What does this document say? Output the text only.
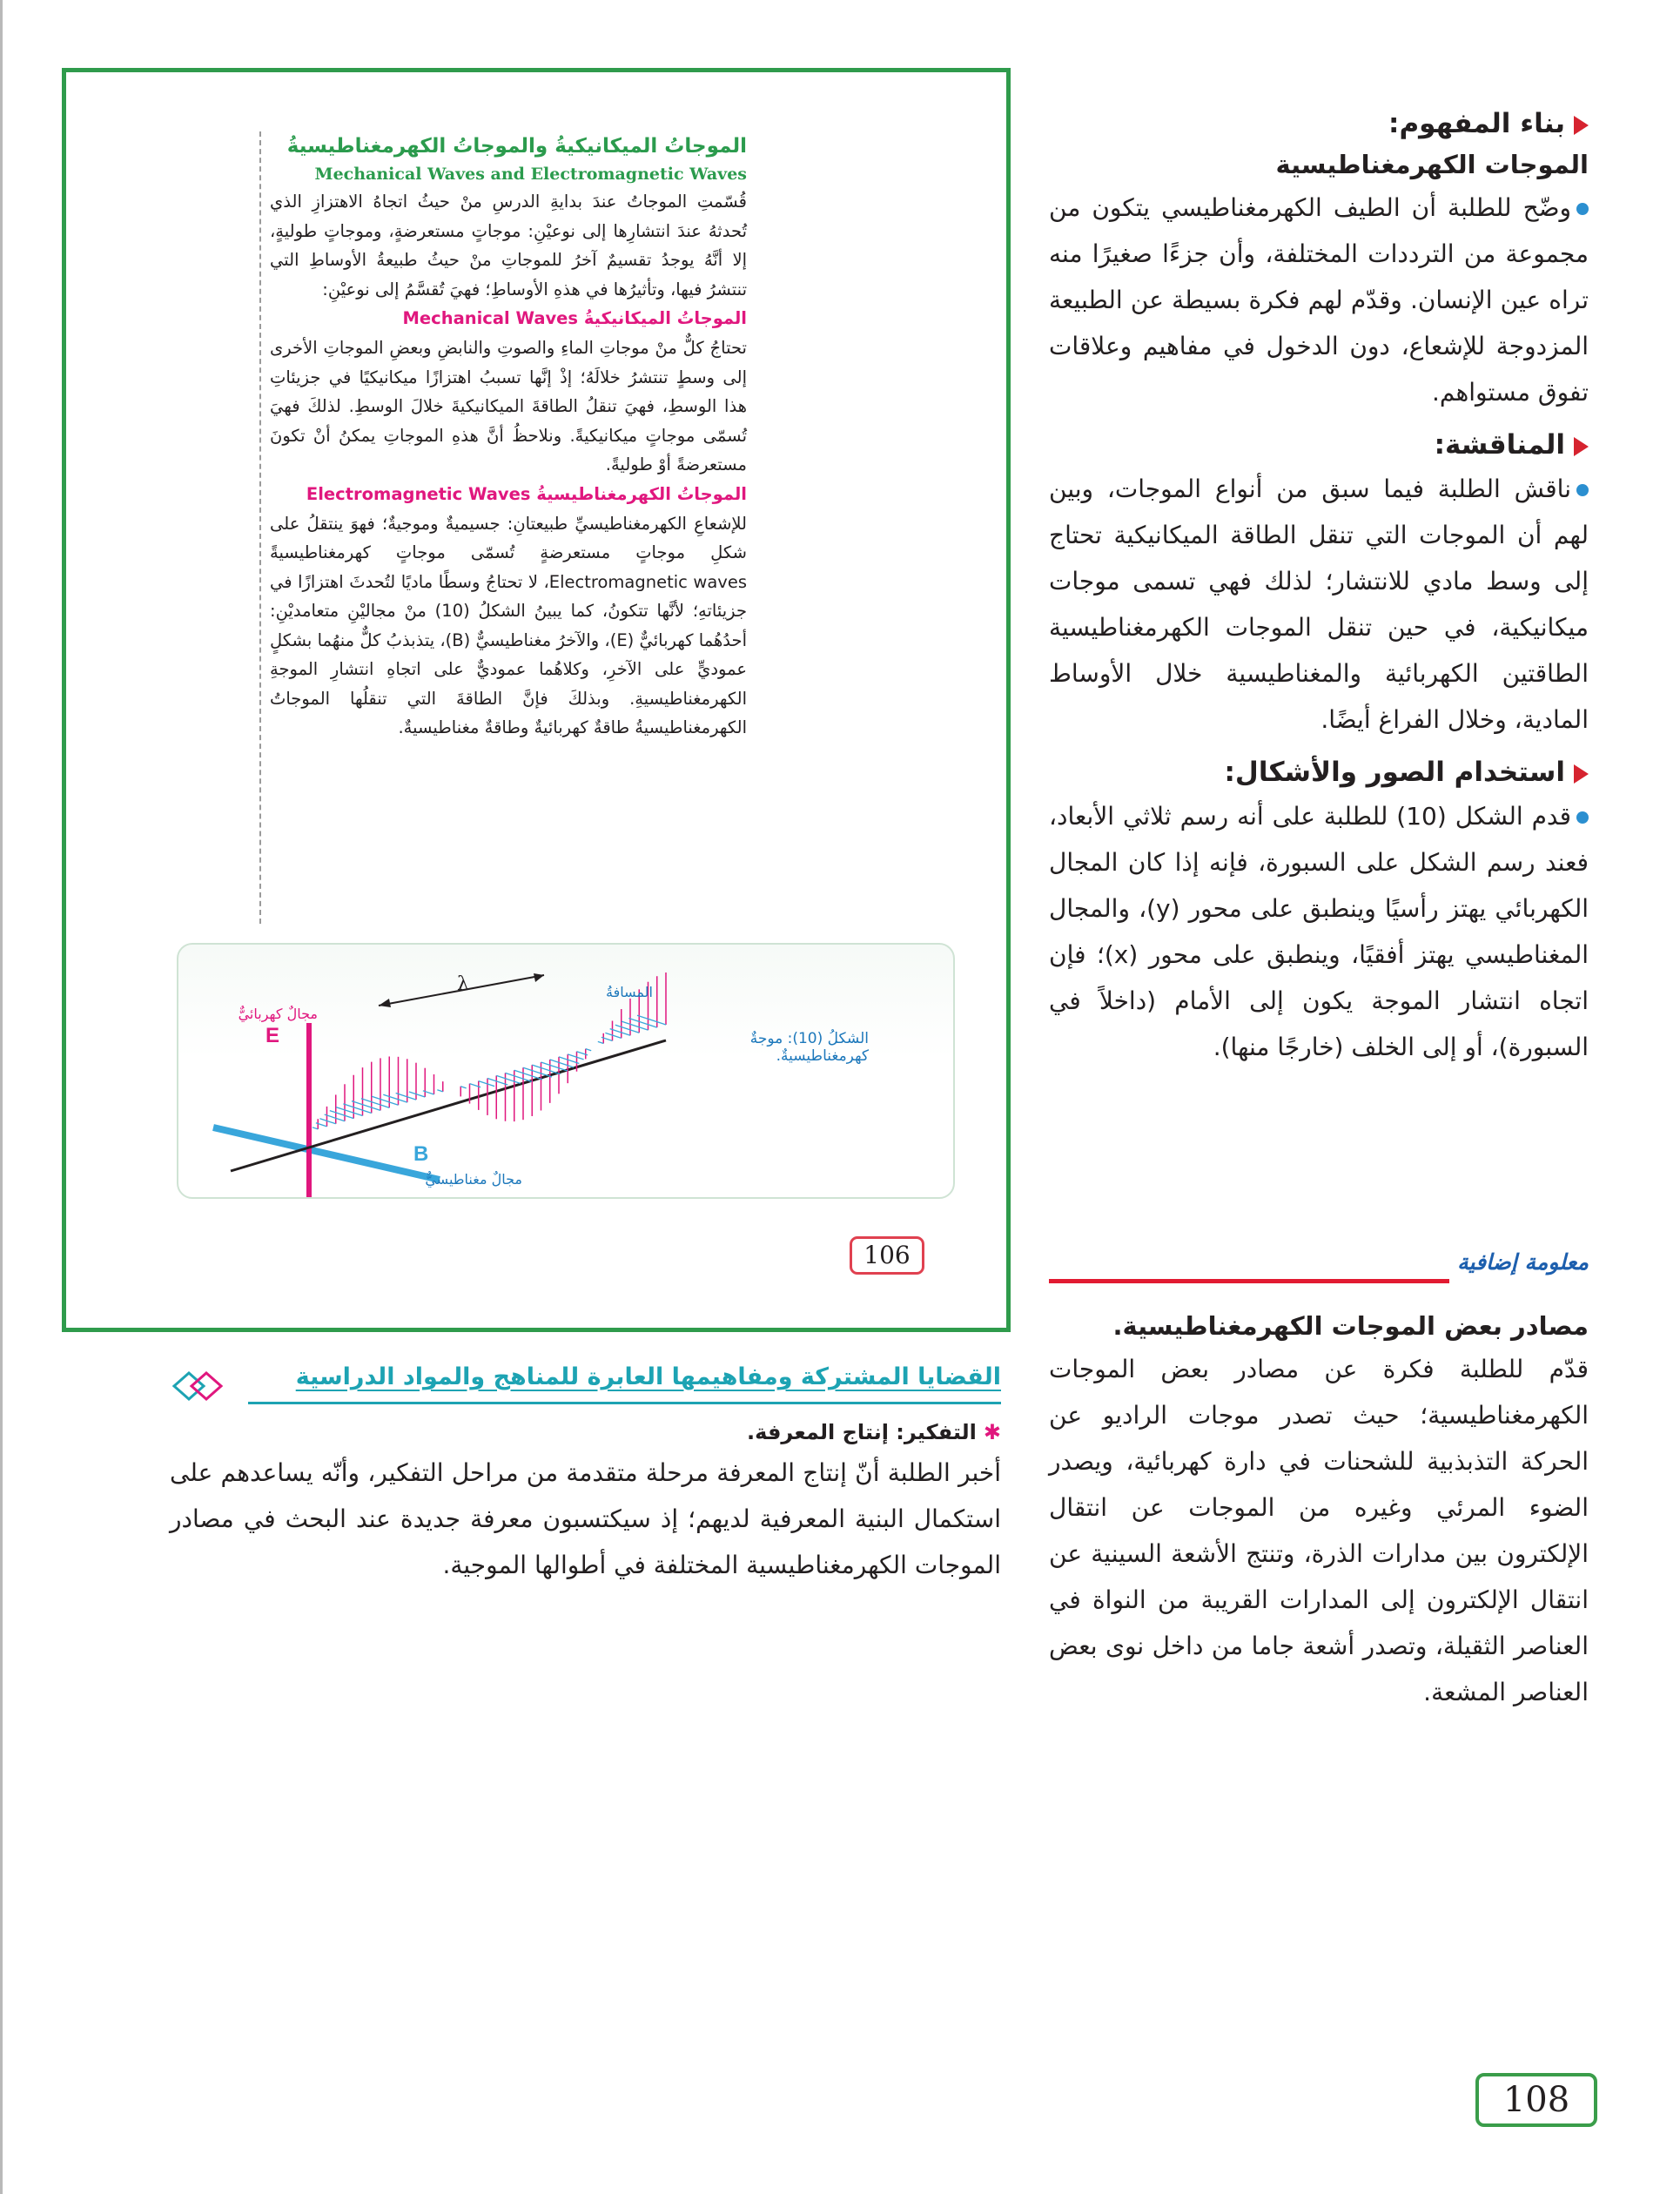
الموجاتُ الميكانيكيةُ والموجاتُ الكهرمغناطيسيةُ
Mechanical Waves and Electromagnetic Waves
قُسّمتِ الموجاتُ عندَ بدايةِ الدرسِ منْ حيثُ اتجاهُ الاهتزازِ الذي تُحدثهُ عندَ انتشارِها إلى نوعيْنِ: موجاتٍ مستعرضةٍ، وموجاتٍ طوليةٍ، إلا أنَّهُ يوجدُ تقسيمٌ آخرُ للموجاتِ منْ حيثُ طبيعةُ الأوساطِ التي تنتشرُ فيها، وتأثيرُها في هذهِ الأوساطِ؛ فهيَ تُقسَّمُ إلى نوعيْنِ:
الموجاتُ الميكانيكيةُ Mechanical Waves
تحتاجُ كلٌّ منْ موجاتِ الماءِ والصوتِ والنابضِ وبعضِ الموجاتِ الأخرى إلى وسطٍ تنتشرُ خلالَهُ؛ إذْ إنَّها تسببُ اهتزازًا ميكانيكيًا في جزيئاتِ هذا الوسطِ، فهيَ تنقلُ الطاقةَ الميكانيكيةَ خلالَ الوسطِ. لذلكَ فهيَ تُسمّى موجاتٍ ميكانيكيةً. ونلاحظُ أنَّ هذهِ الموجاتِ يمكنُ أنْ تكونَ مستعرضةً أوْ طوليةً.
الموجاتُ الكهرمغناطيسيةُ Electromagnetic Waves
للإشعاعِ الكهرمغناطيسيِّ طبيعتانِ: جسيميةٌ وموجيةٌ؛ فهوَ ينتقلُ على شكلِ موجاتٍ مستعرضةٍ تُسمّى موجاتٍ كهرمغناطيسيةً Electromagnetic waves، لا تحتاجُ وسطًا ماديًا لتُحدثَ اهتزازًا في جزيئاتهِ؛ لأنَّها تتكونُ، كما يبينُ الشكلُ (10) منْ مجاليْنِ متعامديْنِ: أحدُهُما كهربائيٌّ (E)، والآخرُ مغناطيسيٌّ (B)، يتذبذبُ كلٌّ منهُما بشكلٍ عموديٍّ على الآخرِ، وكلاهُما عموديٌّ على اتجاهِ انتشارِ الموجةِ الكهرمغناطيسيةِ. وبذلكَ فإنَّ الطاقةَ التي تنقلُها الموجاتُ الكهرمغناطيسيةُ طاقةٌ كهربائيةٌ وطاقةٌ مغناطيسيةٌ.
λ
E
B
مجالٌ كهربائيٌّ
مجالٌ مغناطيسيٌّ
المسافةُ
الشكلُ (10): موجةٌ كهرمغناطيسيةٌ.
106
بناء المفهوم:
الموجات الكهرمغناطيسية
وضّح للطلبة أن الطيف الكهرمغناطيسي يتكون من مجموعة من الترددات المختلفة، وأن جزءًا صغيرًا منه تراه عين الإنسان. وقدّم لهم فكرة بسيطة عن الطبيعة المزدوجة للإشعاع، دون الدخول في مفاهيم وعلاقات تفوق مستواهم.
المناقشة:
ناقش الطلبة فيما سبق من أنواع الموجات، وبين لهم أن الموجات التي تنقل الطاقة الميكانيكية تحتاج إلى وسط مادي للانتشار؛ لذلك فهي تسمى موجات ميكانيكية، في حين تنقل الموجات الكهرمغناطيسية الطاقتين الكهربائية والمغناطيسية خلال الأوساط المادية، وخلال الفراغ أيضًا.
استخدام الصور والأشكال:
قدم الشكل (10) للطلبة على أنه رسم ثلاثي الأبعاد، فعند رسم الشكل على السبورة، فإنه إذا كان المجال الكهربائي يهتز رأسيًا وينطبق على محور (y)، والمجال المغناطيسي يهتز أفقيًا، وينطبق على محور (x)؛ فإن اتجاه انتشار الموجة يكون إلى الأمام (داخلاً في السبورة)، أو إلى الخلف (خارجًا منها).
معلومة إضافية
مصادر بعض الموجات الكهرمغناطيسية.
قدّم للطلبة فكرة عن مصادر بعض الموجات الكهرمغناطيسية؛ حيث تصدر موجات الراديو عن الحركة التذبذبية للشحنات في دارة كهربائية، ويصدر الضوء المرئي وغيره من الموجات عن انتقال الإلكترون بين مدارات الذرة، وتنتج الأشعة السينية عن انتقال الإلكترون إلى المدارات القريبة من النواة في العناصر الثقيلة، وتصدر أشعة جاما من داخل نوى بعض العناصر المشعة.
108
القضايا المشتركة ومفاهيمها العابرة للمناهج والمواد الدراسية
✱التفكير: إنتاج المعرفة.
أخبر الطلبة أنّ إنتاج المعرفة مرحلة متقدمة من مراحل التفكير، وأنّه يساعدهم على استكمال البنية المعرفية لديهم؛ إذ سيكتسبون معرفة جديدة عند البحث في مصادر الموجات الكهرمغناطيسية المختلفة في أطوالها الموجية.
